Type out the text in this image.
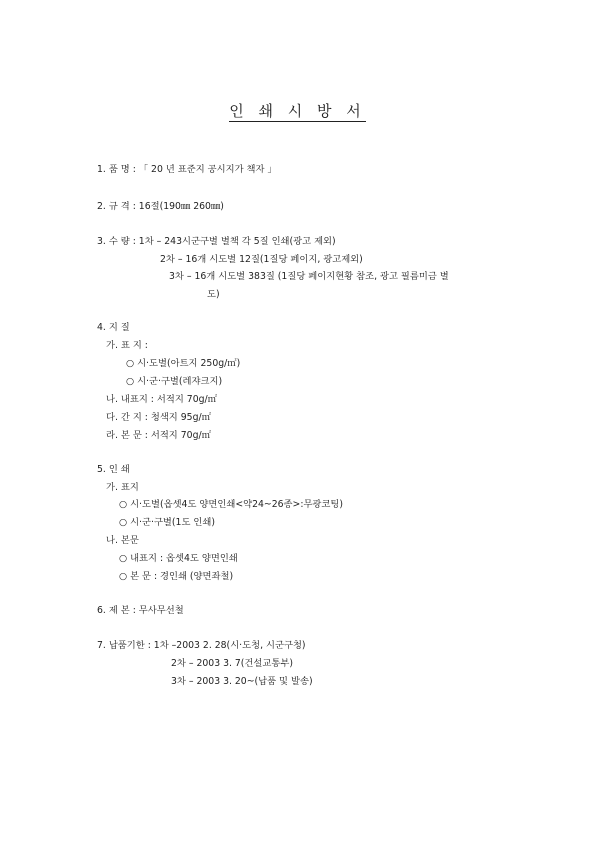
인 쇄 시 방 서
1. 품 명 : 「 20 년 표준지 공시지가 책자 」
2. 규 격 : 16절(190㎜ 260㎜)
3. 수 량 : 1차 – 243시군구별 별책 각 5질 인쇄(광고 제외)
2차 – 16개 시도별 12질(1질당 페이지, 광고제외)
3차 – 16개 시도별 383질 (1질당 페이지현황 참조, 광고 필름미금 별
도)
4. 지 질
가. 표 지 :
○ 시·도별(아트지 250g/㎡)
○ 시·군·구별(레쟈크지)
나. 내표지 : 서적지 70g/㎡
다. 간 지 : 청색지 95g/㎡
라. 본 문 : 서적지 70g/㎡
5. 인 쇄
가. 표지
○ 시·도별(옵셋4도 양면인쇄<약24~26종>:무광코팅)
○ 시·군·구별(1도 인쇄)
나. 본문
○ 내표지 : 옵셋4도 양면인쇄
○ 본 문 : 경인쇄 (양면좌철)
6. 제 본 : 무사무선철
7. 납품기한 : 1차 –2003 2. 28(시·도청, 시군구청)
2차 – 2003 3. 7(건설교통부)
3차 – 2003 3. 20~(납품 및 발송)
